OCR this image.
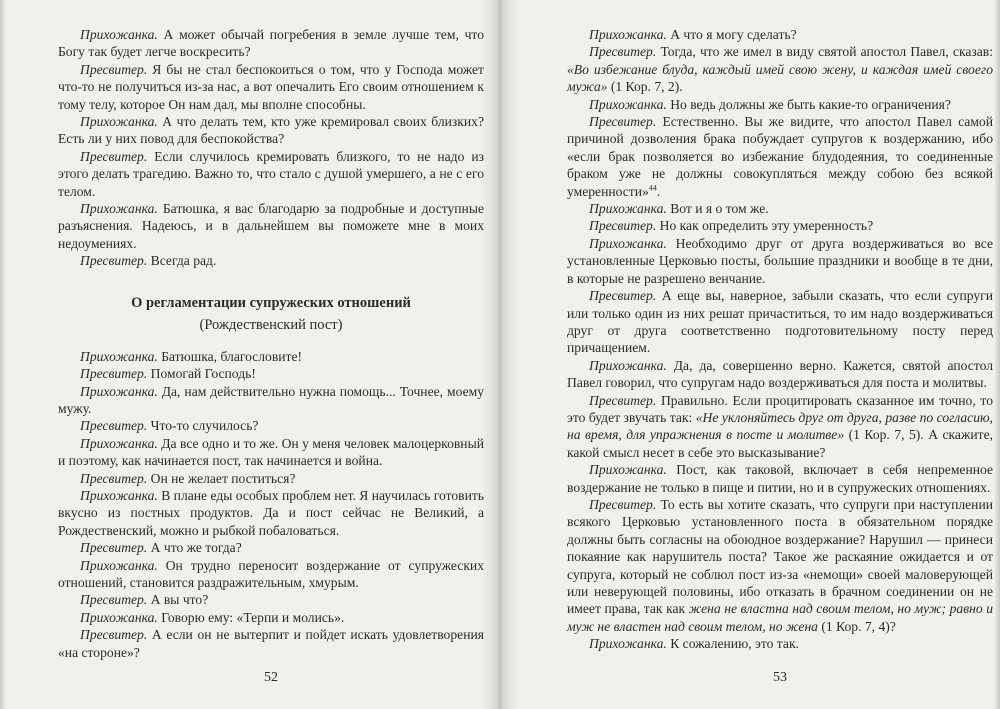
Прихожанка. А может обычай погребения в земле лучше тем, что Богу так будет легче воскресить?

Пресвитер. Я бы не стал беспокоиться о том, что у Господа может что-то не получиться из-за нас, а вот опечалить Его своим отношением к тому телу, которое Он нам дал, мы вполне способны.

Прихожанка. А что делать тем, кто уже кремировал своих близких? Есть ли у них повод для беспокойства?

Пресвитер. Если случилось кремировать близкого, то не надо из этого делать трагедию. Важно то, что стало с душой умершего, а не с его телом.

Прихожанка. Батюшка, я вас благодарю за подробные и доступные разъяснения. Надеюсь, и в дальнейшем вы поможете мне в моих недоумениях.

Пресвитер. Всегда рад.

О регламентации супружеских отношений
(Рождественский пост)

Прихожанка. Батюшка, благословите!

Пресвитер. Помогай Господь!

Прихожанка. Да, нам действительно нужна помощь... Точнее, моему мужу.

Пресвитер. Что-то случилось?

Прихожанка. Да все одно и то же. Он у меня человек малоцерковный и поэтому, как начинается пост, так начинается и война.

Пресвитер. Он не желает поститься?

Прихожанка. В плане еды особых проблем нет. Я научилась готовить вкусно из постных продуктов. Да и пост сейчас не Великий, а Рождественский, можно и рыбкой побаловаться.

Пресвитер. А что же тогда?

Прихожанка. Он трудно переносит воздержание от супружеских отношений, становится раздражительным, хмурым.

Пресвитер. А вы что?

Прихожанка. Говорю ему: «Терпи и молись».

Пресвитер. А если он не вытерпит и пойдет искать удовлетворения «на стороне»?

52

Прихожанка. А что я могу сделать?

Пресвитер. Тогда, что же имел в виду святой апостол Павел, сказав: «Во избежание блуда, каждый имей свою жену, и каждая имей своего мужа» (1 Кор. 7, 2).

Прихожанка. Но ведь должны же быть какие-то ограничения?

Пресвитер. Естественно. Вы же видите, что апостол Павел самой причиной дозволения брака побуждает супругов к воздержанию, ибо «если брак позволяется во избежание блудодеяния, то соединенные браком уже не должны совокупляться между собою без всякой умеренности»$^{44}$.

Прихожанка. Вот и я о том же.

Пресвитер. Но как определить эту умеренность?

Прихожанка. Необходимо друг от друга воздерживаться во все установленные Церковью посты, большие праздники и вообще в те дни, в которые не разрешено венчание.

Пресвитер. А еще вы, наверное, забыли сказать, что если супруги или только один из них решат причаститься, то им надо воздерживаться друг от друга соответственно подготовительному посту перед причащением.

Прихожанка. Да, да, совершенно верно. Кажется, святой апостол Павел говорил, что супругам надо воздерживаться для поста и молитвы.

Пресвитер. Правильно. Если процитировать сказанное им точно, то это будет звучать так: «Не уклоняйтесь друг от друга, разве по согласию, на время, для упражнения в посте и молитве» (1 Кор. 7, 5). А скажите, какой смысл несет в себе это высказывание?

Прихожанка. Пост, как таковой, включает в себя непременное воздержание не только в пище и питии, но и в супружеских отношениях.

Пресвитер. То есть вы хотите сказать, что супруги при наступлении всякого Церковью установленного поста в обязательном порядке должны быть согласны на обоюдное воздержание? Нарушил — принеси покаяние как нарушитель поста? Такое же раскаяние ожидается и от супруга, который не соблюл пост из-за «немощи» своей маловерующей или неверующей половины, ибо отказать в брачном соединении он не имеет права, так как жена не властна над своим телом, но муж; равно и муж не властен над своим телом, но жена (1 Кор. 7, 4)?

Прихожанка. К сожалению, это так.

53
